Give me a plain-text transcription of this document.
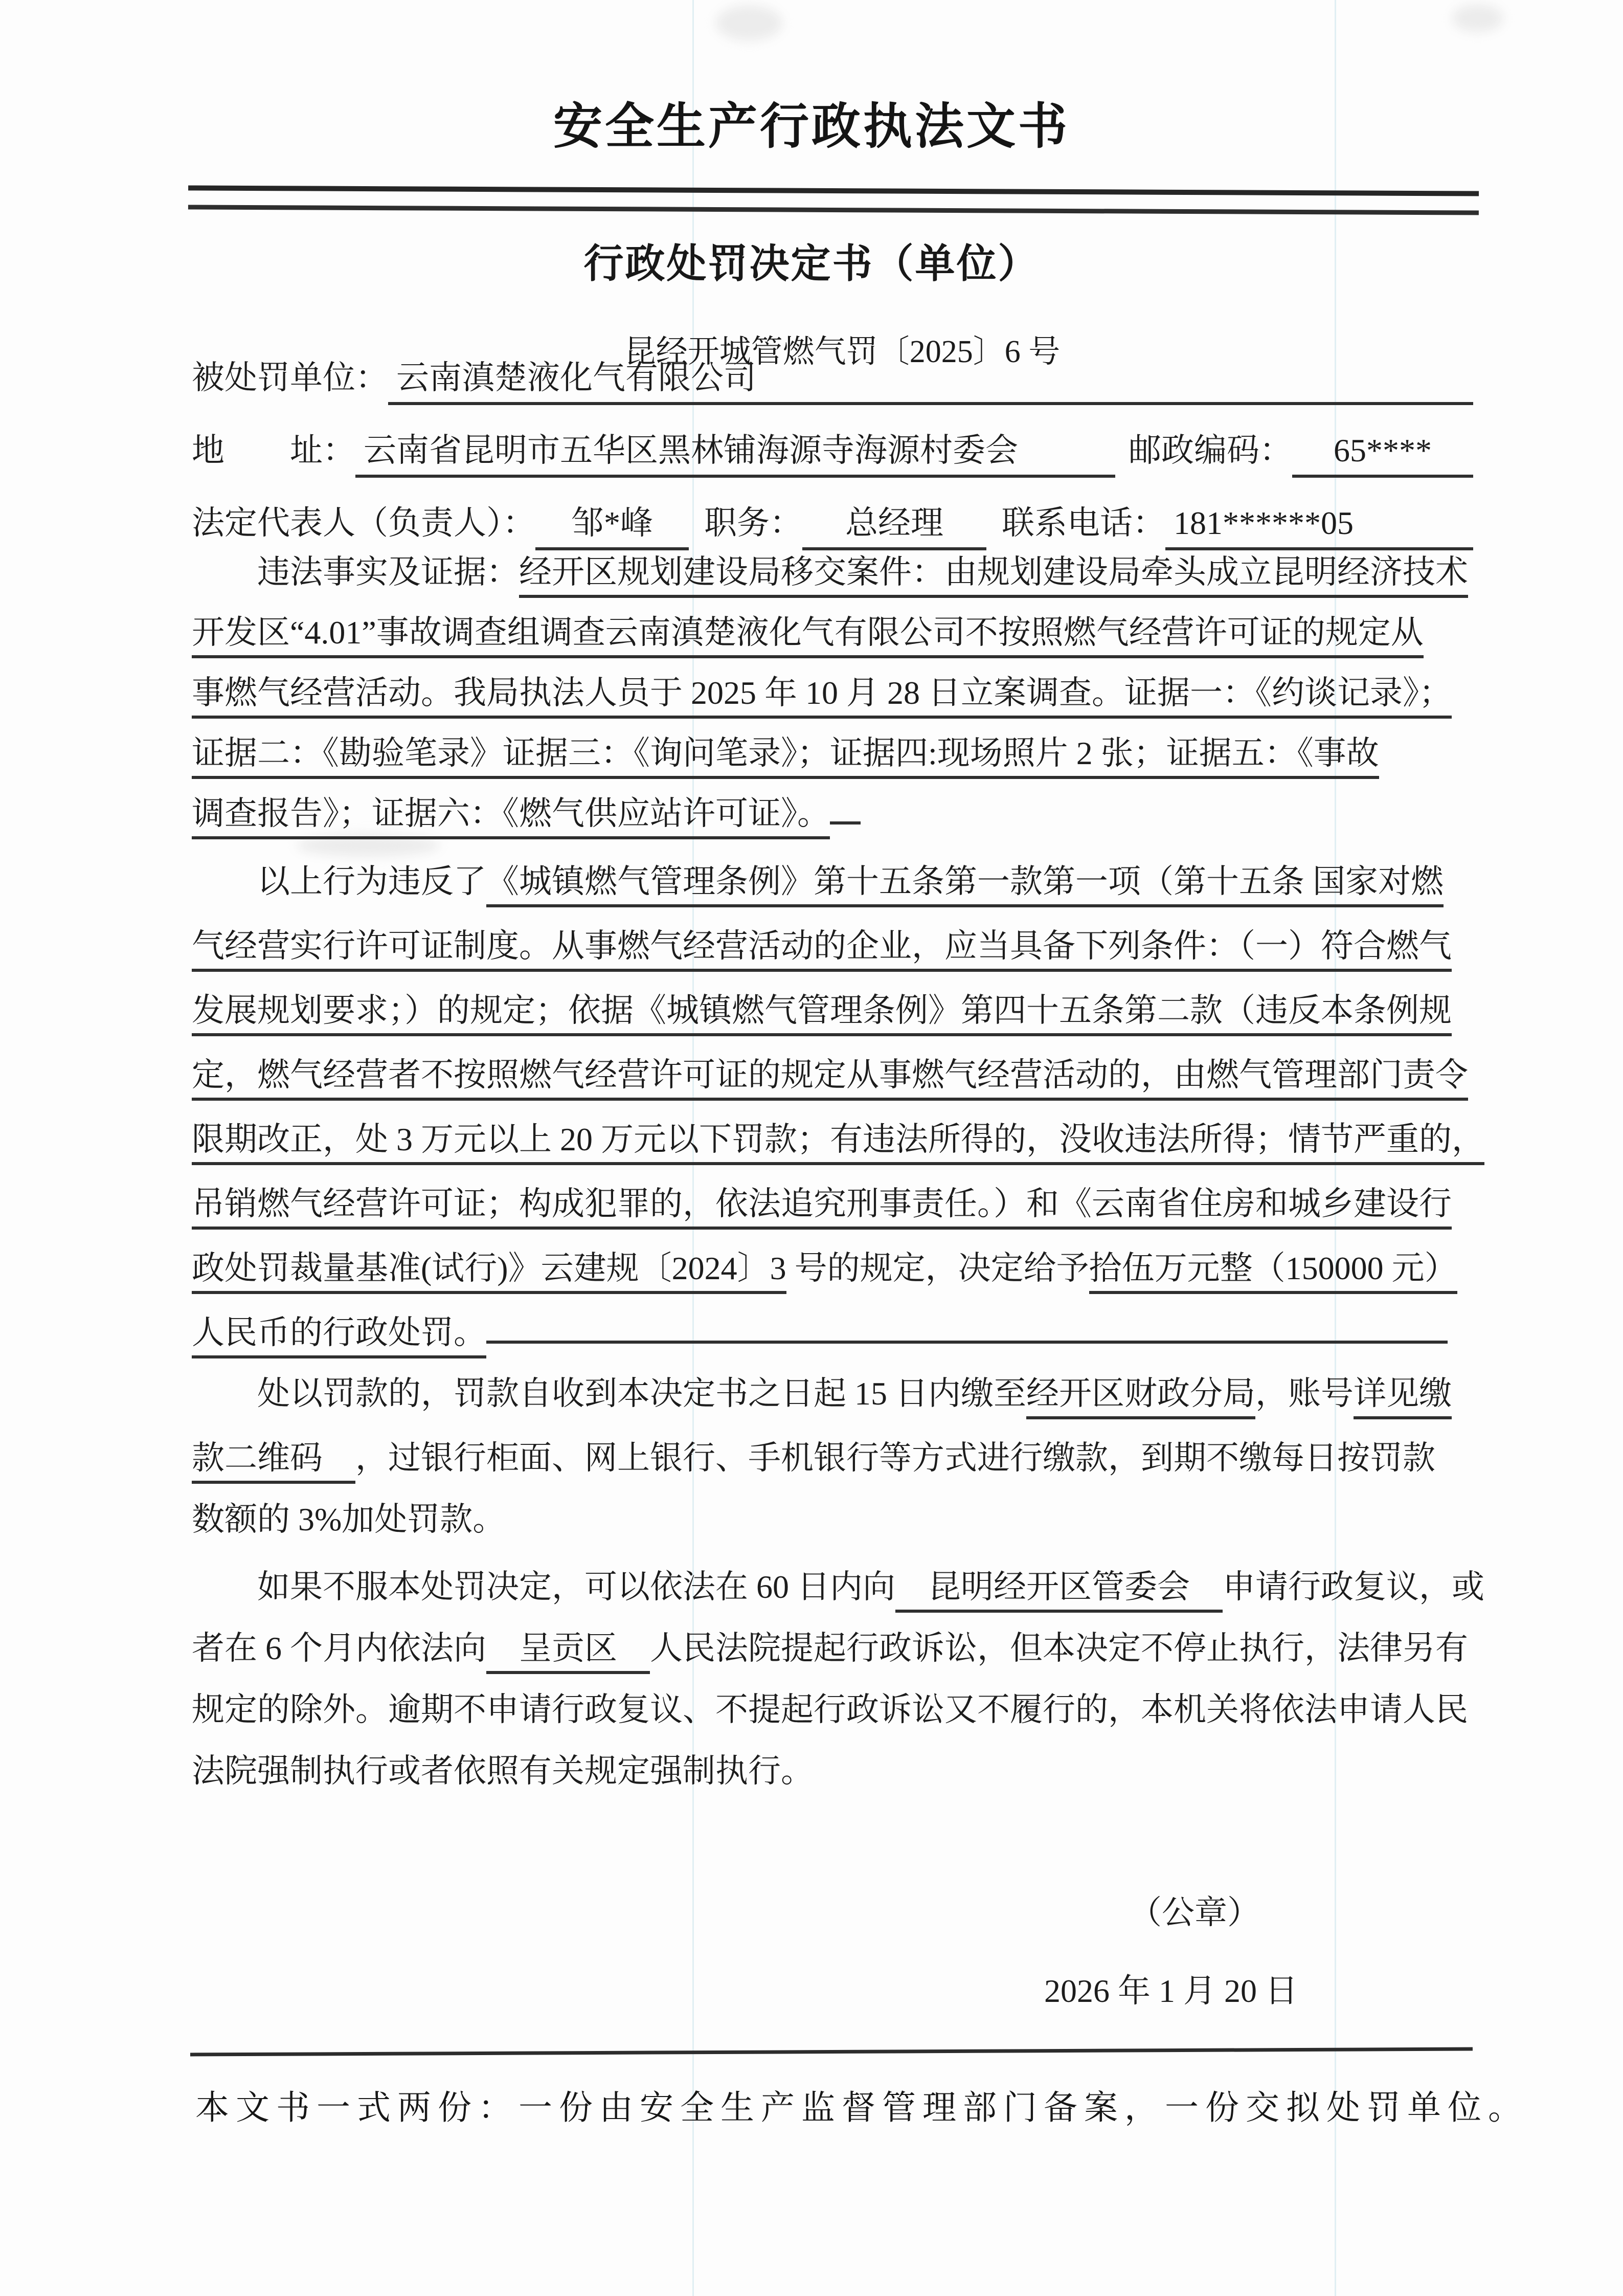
安全生产行政执法文书
行政处罚决定书（单位）
昆经开城管燃气罚〔2025〕6 号
被处罚单位： 云南滇楚液化气有限公司
地　　址： 云南省昆明市五华区黑林铺海源寺海源村委会	邮政编码：	65****
法定代表人（负责人）：	邹*峰	职务：	总经理	联系电话： 181******05
违法事实及证据：经开区规划建设局移交案件：由规划建设局牵头成立昆明经济技术
开发区“4.01”事故调查组调查云南滇楚液化气有限公司不按照燃气经营许可证的规定从
事燃气经营活动。我局执法人员于 2025 年 10 月 28 日立案调查。证据一：《约谈记录》；
证据二：《勘验笔录》证据三：《询问笔录》；证据四:现场照片 2 张；证据五：《事故
调查报告》；证据六：《燃气供应站许可证》。
以上行为违反了《城镇燃气管理条例》第十五条第一款第一项（第十五条 国家对燃
气经营实行许可证制度。从事燃气经营活动的企业，应当具备下列条件：（一）符合燃气
发展规划要求；）的规定；依据《城镇燃气管理条例》第四十五条第二款（违反本条例规
定，燃气经营者不按照燃气经营许可证的规定从事燃气经营活动的，由燃气管理部门责令
限期改正，处 3 万元以上 20 万元以下罚款；有违法所得的，没收违法所得；情节严重的，
吊销燃气经营许可证；构成犯罪的，依法追究刑事责任。）和《云南省住房和城乡建设行
政处罚裁量基准(试行)》云建规〔2024〕3 号的规定，决定给予拾伍万元整（150000 元）
人民币的行政处罚。
处以罚款的，罚款自收到本决定书之日起 15 日内缴至经开区财政分局，账号详见缴
款二维码　，过银行柜面、网上银行、手机银行等方式进行缴款，到期不缴每日按罚款
数额的 3%加处罚款。
如果不服本处罚决定，可以依法在 60 日内向　昆明经开区管委会　申请行政复议，或
者在 6 个月内依法向　呈贡区　人民法院提起行政诉讼，但本决定不停止执行，法律另有
规定的除外。逾期不申请行政复议、不提起行政诉讼又不履行的，本机关将依法申请人民
法院强制执行或者依照有关规定强制执行。
（公章）
2026 年 1 月 20 日
本文书一式两份：一份由安全生产监督管理部门备案，一份交拟处罚单位。
